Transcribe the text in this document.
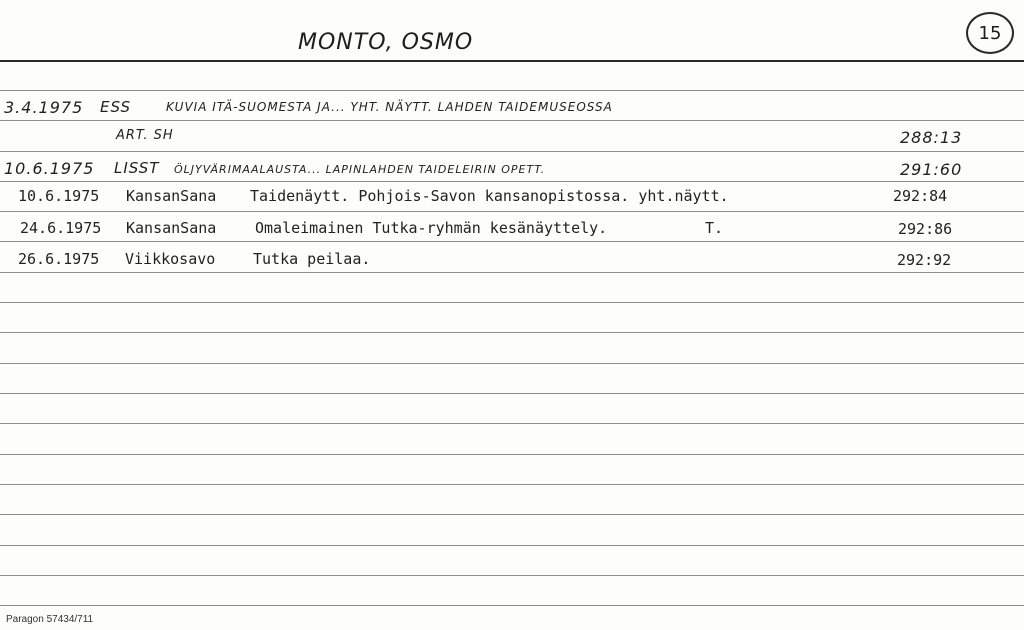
MONTO, OSMO	15
3.4.1975 ESS	KUVIA ITÄ-SUOMESTA JA... YHT. NÄYTT. LAHDEN TAIDEMUSEOSSA
ART. SH	288:13
10.6.1975 LISST ÖLJYVÄRIMAALAUSTA... LAPINLAHDEN TAIDELEIRIN OPETT.	291:60
10.6.1975 KansanSana Taidenäytt. Pohjois-Savon kansanopistossa. yht.näytt.	292:84
24.6.1975 KansanSana	Omaleimainen Tutka-ryhmän kesänäyttely.	T.	292:86
26.6.1975 Viikkosavo	Tutka peilaa.	292:92
Paragon 57434/711
